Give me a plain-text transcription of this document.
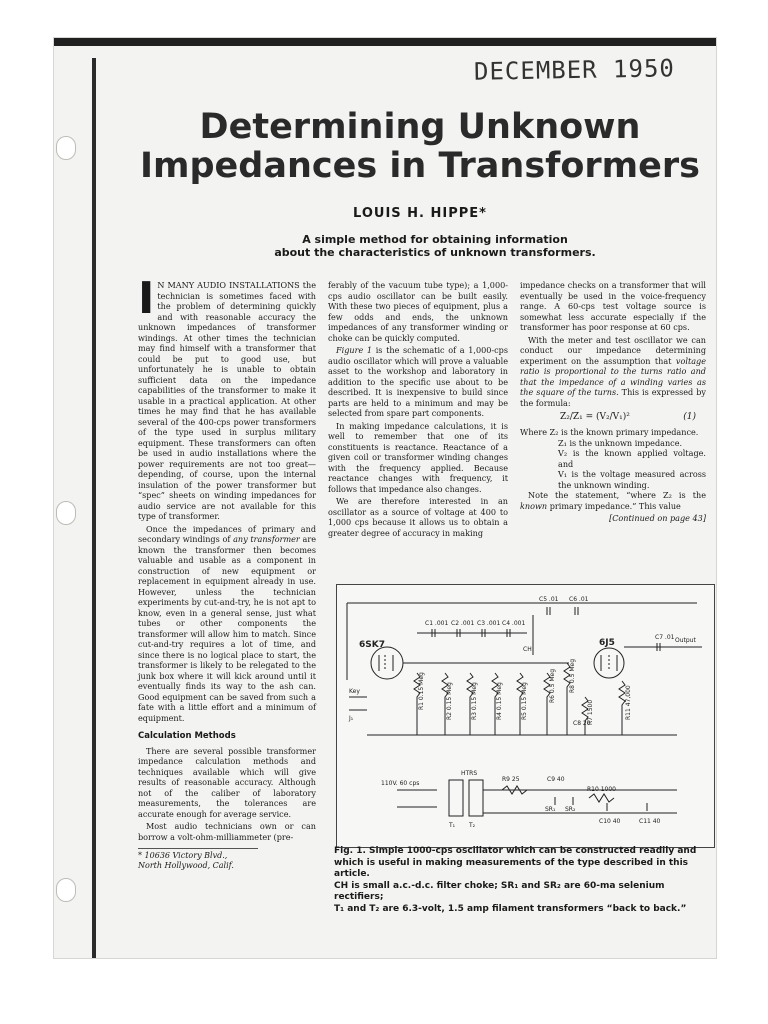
DECEMBER 1950
Determining Unknown
Impedances in Transformers
LOUIS H. HIPPE*
A simple method for obtaining information
about the characteristics of unknown transformers.

I N MANY AUDIO INSTALLATIONS the technician is sometimes faced with the problem of determining quickly and with reasonable accuracy the unknown impedances of transformer windings. At other times the technician may find himself with a transformer that could be put to good use, but unfortunately he is unable to obtain sufficient data on the impedance capabilities of the transformer to make it usable in a practical application. At other times he may find that he has available several of the 400-cps power transformers of the type used in surplus military equipment. These transformers can often be used in audio installations where the power requirements are not too great—depending, of course, upon the internal insulation of the power transformer but “spec” sheets on winding impedances for audio service are not available for this type of transformer.

Once the impedances of primary and secondary windings of any transformer are known the transformer then becomes valuable and usable as a component in construction of new equipment or replacement in equipment already in use. However, unless the technician experiments by cut-and-try, he is not apt to know, even in a general sense, just what tubes or other components the transformer will allow him to match. Since cut-and-try requires a lot of time, and since there is no logical place to start, the transformer is likely to be relegated to the junk box where it will kick around until it eventually finds its way to the ash can. Good equipment can be saved from such a fate with a little effort and a minimum of equipment.

Calculation Methods

There are several possible transformer impedance calculation methods and techniques available which will give results of reasonable accuracy. Although not of the caliber of laboratory measurements, the tolerances are accurate enough for average service.

Most audio technicians own or can borrow a volt-ohm-milliammeter (pre-

* 10636 Victory Blvd.,
North Hollywood, Calif.

ferably of the vacuum tube type); a 1,000-cps audio oscillator can be built easily. With these two pieces of equipment, plus a few odds and ends, the unknown impedances of any transformer winding or choke can be quickly computed.

Figure 1 is the schematic of a 1,000-cps audio oscillator which will prove a valuable asset to the workshop and laboratory in addition to the specific use about to be described. It is inexpensive to build since parts are held to a minimum and may be selected from spare part components.

In making impedance calculations, it is well to remember that one of its constituents is reactance. Reactance of a given coil or transformer winding changes with the frequency applied. Because reactance changes with frequency, it follows that impedance also changes.

We are therefore interested in an oscillator as a source of voltage at 400 to 1,000 cps because it allows us to obtain a greater degree of accuracy in making

impedance checks on a transformer that will eventually be used in the voice-frequency range. A 60-cps test voltage source is somewhat less accurate especially if the transformer has poor response at 60 cps.

With the meter and test oscillator we can conduct our impedance determining experiment on the assumption that voltage ratio is proportional to the turns ratio and that the impedance of a winding varies as the square of the turns. This is expressed by the formula:

(1)
Z₂/Z₁ = (V₂/V₁)²
Where Z₂ is the known primary impedance.
Z₁ is the unknown impedance.
V₂ is the known applied voltage. and
V₁ is the voltage measured across the unknown winding.

Note the statement, “where Z₂ is the known primary impedance.” This value

[Continued on page 43]
6SK7	6J5	Output
Key
J₁
C1 .001 C2 .001 C3 .001 C4 .001
C5 .01 C6 .01
C7 .01
C8 20
CH
R1 0.15 Meg	R2 0.15 Meg	R3 0.15 Meg	R4 0.15 Meg	R5 0.15 Meg	R6 0.5 Meg
R7 1500
R8 0.5 Meg
R11 47,000
HTRS
110V. 60 cps
T₁ T₂
R9 25
R10 1000
SR₁ SR₂
C9 40
C10 40	C11 40
Fig. 1. Simple 1000-cps oscillator which can be constructed readily and
which is useful in making measurements of the type described in this article.
CH is small a.c.-d.c. filter choke; SR₁ and SR₂ are 60-ma selenium rectifiers;
T₁ and T₂ are 6.3-volt, 1.5 amp filament transformers “back to back.”
